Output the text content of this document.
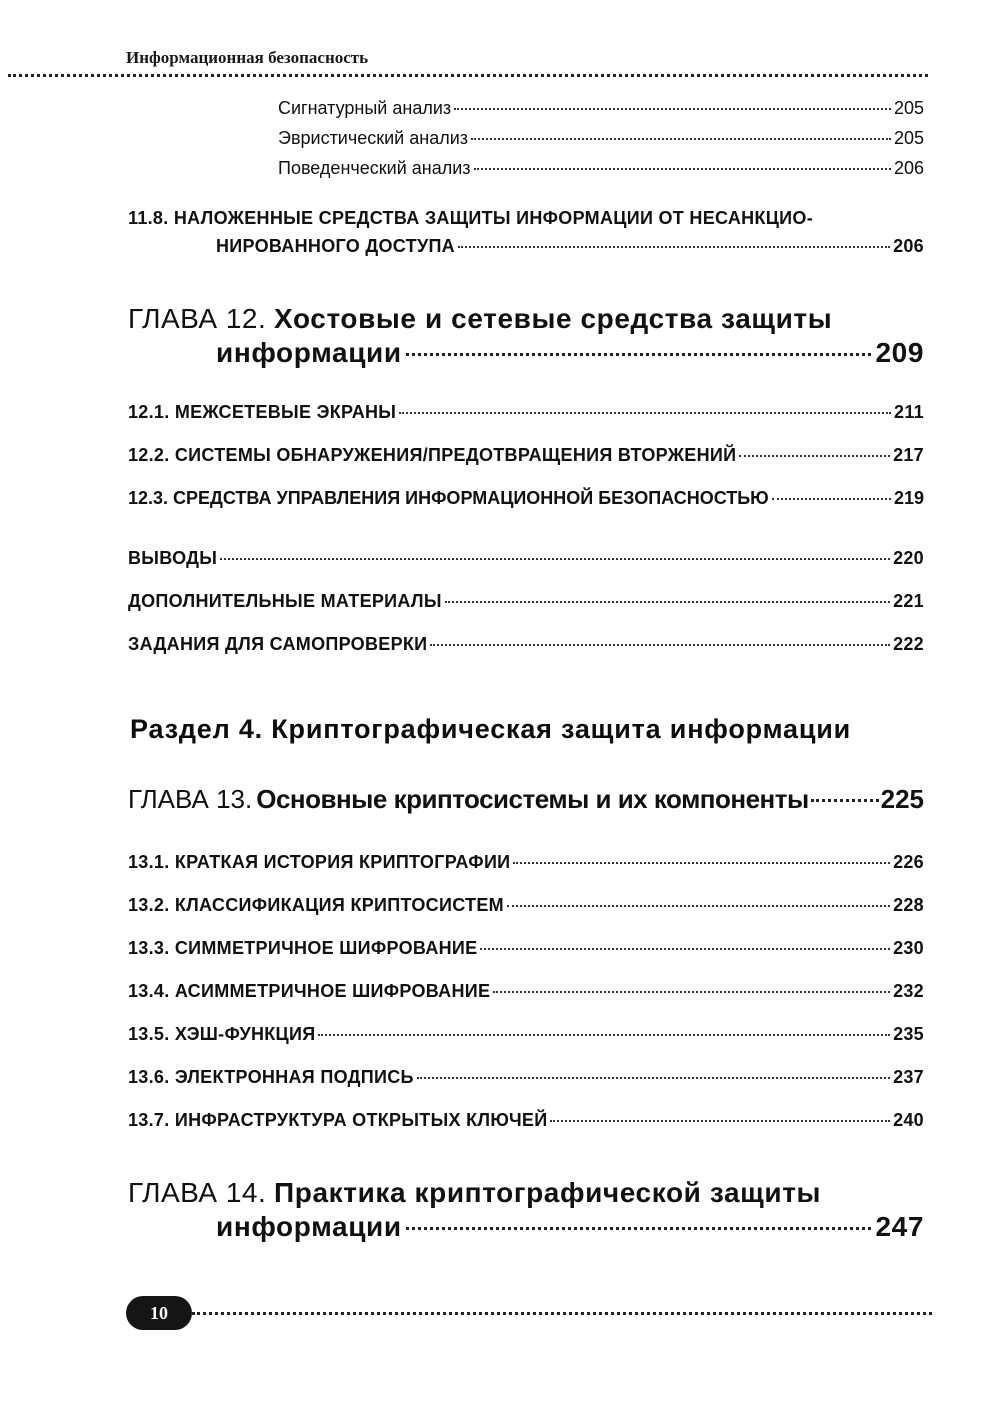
Информационная безопасность
Сигнатурный анализ	205
Эвристический анализ	205
Поведенческий анализ	206
11.8. НАЛОЖЕННЫЕ СРЕДСТВА ЗАЩИТЫ ИНФОРМАЦИИ ОТ НЕСАНКЦИО-
НИРОВАННОГО ДОСТУПА	206
ГЛАВА 12. Хостовые и сетевые средства защиты
информации	209
12.1. МЕЖСЕТЕВЫЕ ЭКРАНЫ	211
12.2. СИСТЕМЫ ОБНАРУЖЕНИЯ/ПРЕДОТВРАЩЕНИЯ ВТОРЖЕНИЙ	217
12.3. СРЕДСТВА УПРАВЛЕНИЯ ИНФОРМАЦИОННОЙ БЕЗОПАСНОСТЬЮ	219
ВЫВОДЫ	220
ДОПОЛНИТЕЛЬНЫЕ МАТЕРИАЛЫ	221
ЗАДАНИЯ ДЛЯ САМОПРОВЕРКИ	222
Раздел 4. Криптографическая защита информации
ГЛАВА 13. Основные криптосистемы и их компоненты	225
13.1. КРАТКАЯ ИСТОРИЯ КРИПТОГРАФИИ	226
13.2. КЛАССИФИКАЦИЯ КРИПТОСИСТЕМ	228
13.3. СИММЕТРИЧНОЕ ШИФРОВАНИЕ	230
13.4. АСИММЕТРИЧНОЕ ШИФРОВАНИЕ	232
13.5. ХЭШ-ФУНКЦИЯ	235
13.6. ЭЛЕКТРОННАЯ ПОДПИСЬ	237
13.7. ИНФРАСТРУКТУРА ОТКРЫТЫХ КЛЮЧЕЙ	240
ГЛАВА 14. Практика криптографической защиты
информации	247
10
